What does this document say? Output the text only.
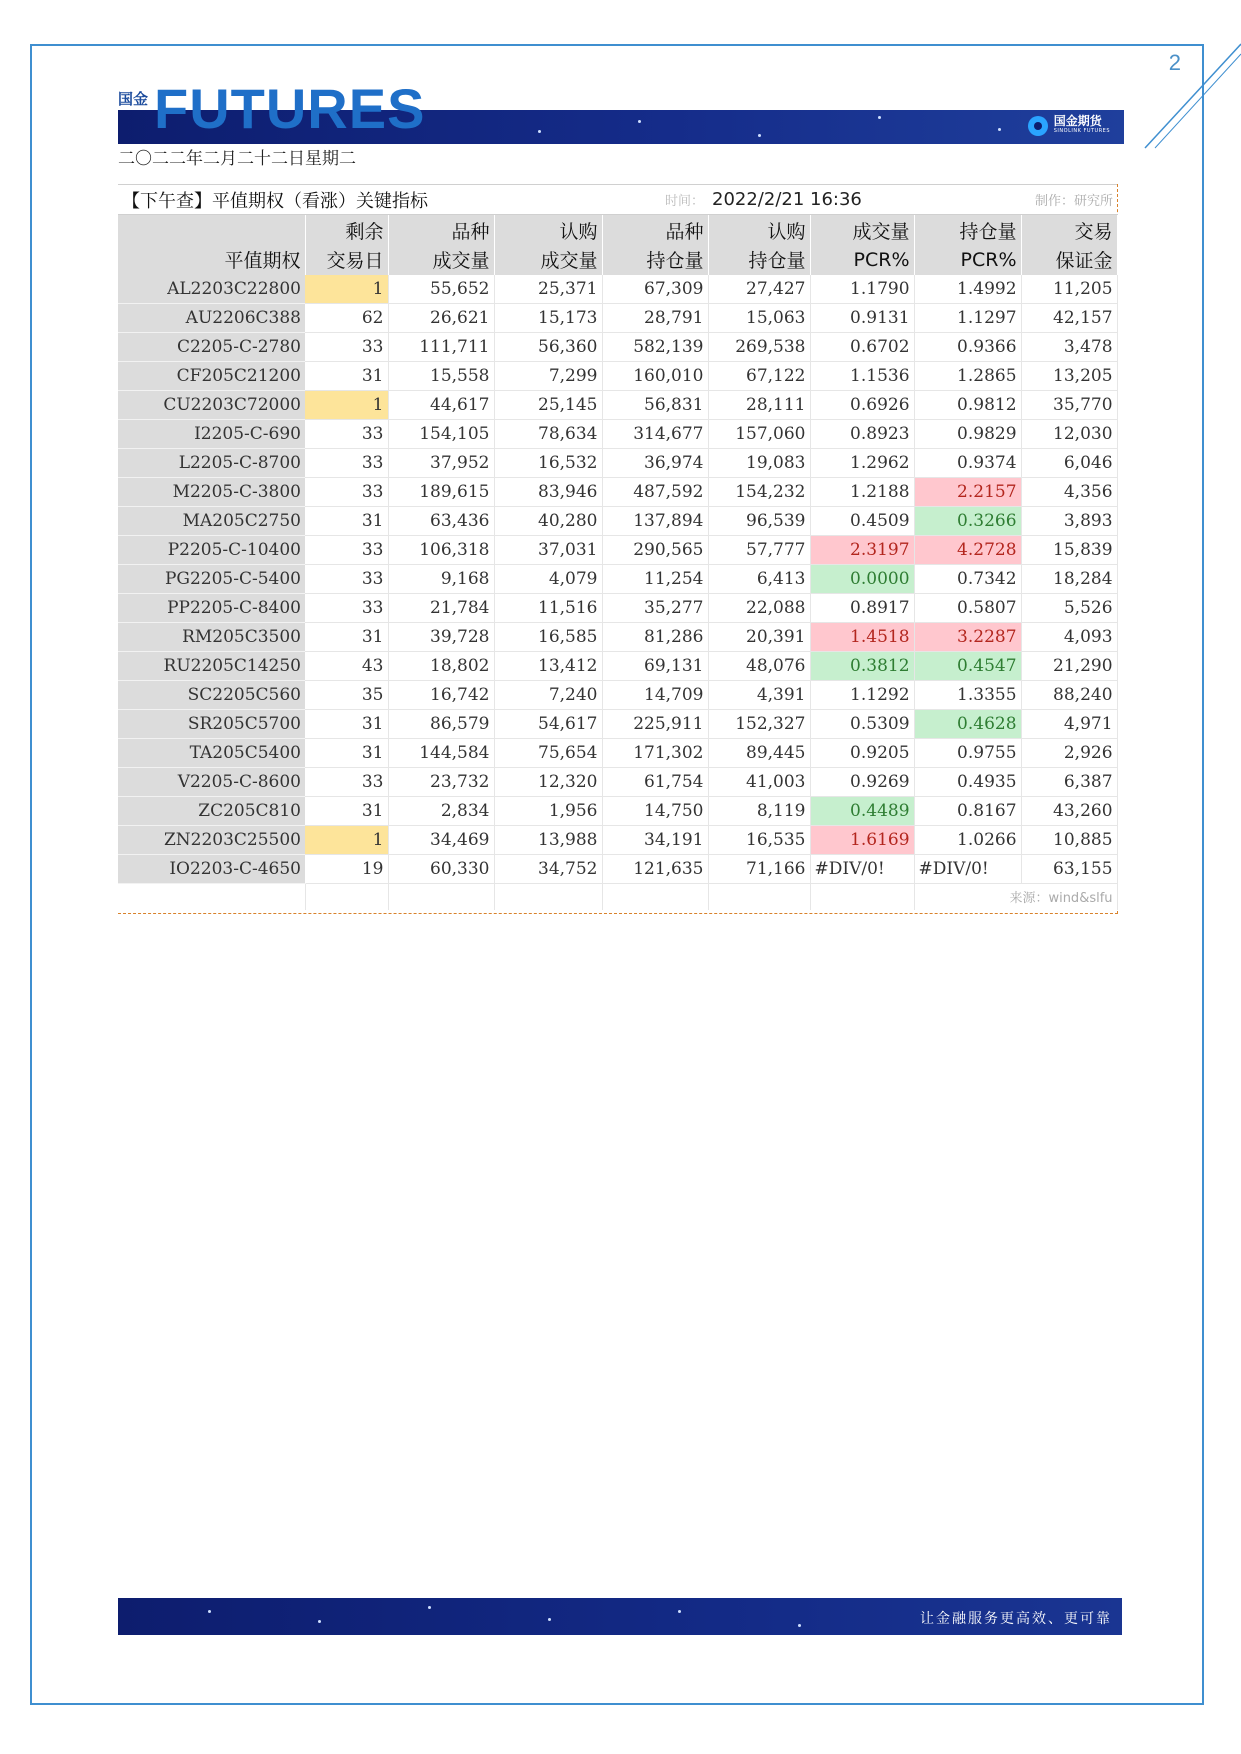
2
国金
国金期货
SINOLINK FUTURES
FUTURES
二〇二二年二月二十二日星期二
【下午查】平值期权（看涨）关键指标				时间：	2022/2/21 16:36		制作：研究所	
	剩余	品种	认购	品种	认购	成交量	持仓量	交易
平值期权	交易日	成交量	成交量	持仓量	持仓量	PCR%	PCR%	保证金
AL2203C22800	1	55,652	25,371	67,309	27,427	1.1790	1.4992	11,205
AU2206C388	62	26,621	15,173	28,791	15,063	0.9131	1.1297	42,157
C2205-C-2780	33	111,711	56,360	582,139	269,538	0.6702	0.9366	3,478
CF205C21200	31	15,558	7,299	160,010	67,122	1.1536	1.2865	13,205
CU2203C72000	1	44,617	25,145	56,831	28,111	0.6926	0.9812	35,770
I2205-C-690	33	154,105	78,634	314,677	157,060	0.8923	0.9829	12,030
L2205-C-8700	33	37,952	16,532	36,974	19,083	1.2962	0.9374	6,046
M2205-C-3800	33	189,615	83,946	487,592	154,232	1.2188	2.2157	4,356
MA205C2750	31	63,436	40,280	137,894	96,539	0.4509	0.3266	3,893
P2205-C-10400	33	106,318	37,031	290,565	57,777	2.3197	4.2728	15,839
PG2205-C-5400	33	9,168	4,079	11,254	6,413	0.0000	0.7342	18,284
PP2205-C-8400	33	21,784	11,516	35,277	22,088	0.8917	0.5807	5,526
RM205C3500	31	39,728	16,585	81,286	20,391	1.4518	3.2287	4,093
RU2205C14250	43	18,802	13,412	69,131	48,076	0.3812	0.4547	21,290
SC2205C560	35	16,742	7,240	14,709	4,391	1.1292	1.3355	88,240
SR205C5700	31	86,579	54,617	225,911	152,327	0.5309	0.4628	4,971
TA205C5400	31	144,584	75,654	171,302	89,445	0.9205	0.9755	2,926
V2205-C-8600	33	23,732	12,320	61,754	41,003	0.9269	0.4935	6,387
ZC205C810	31	2,834	1,956	14,750	8,119	0.4489	0.8167	43,260
ZN2203C25500	1	34,469	13,988	34,191	16,535	1.6169	1.0266	10,885
IO2203-C-4650	19	60,330	34,752	121,635	71,166	#DIV/0!	#DIV/0!	63,155
							来源：wind&slfu	
让金融服务更高效、更可靠
